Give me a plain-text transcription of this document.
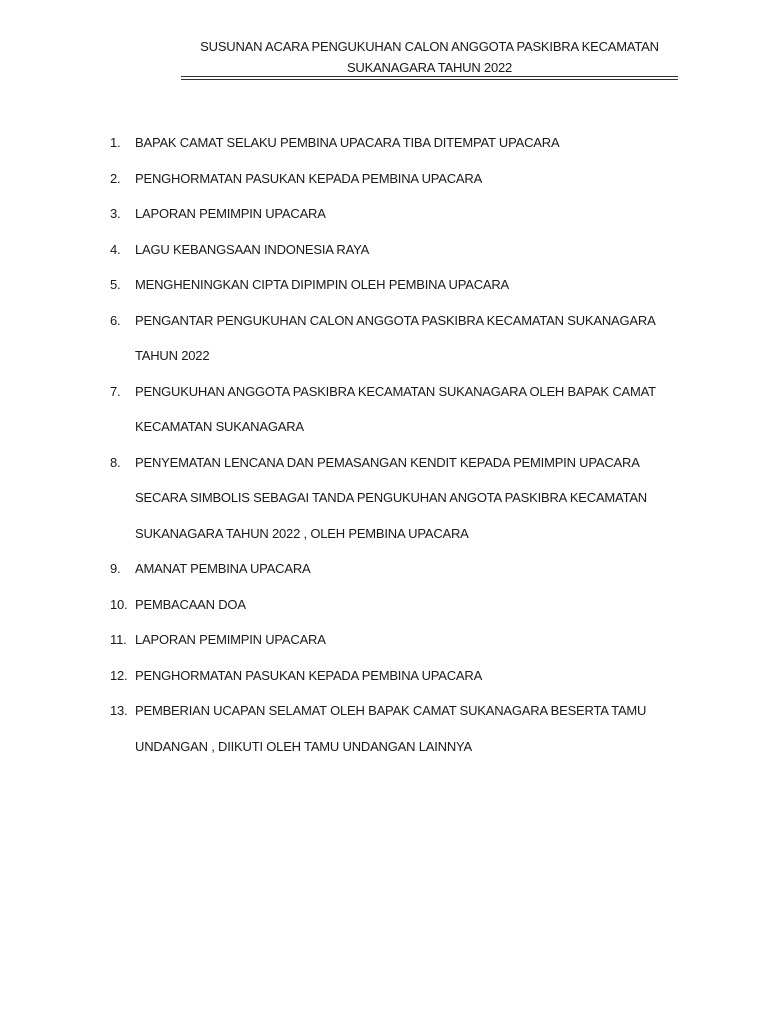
SUSUNAN ACARA PENGUKUHAN CALON ANGGOTA PASKIBRA KECAMATAN
SUKANAGARA TAHUN 2022
1.	BAPAK CAMAT SELAKU PEMBINA UPACARA TIBA DITEMPAT UPACARA
2.	PENGHORMATAN PASUKAN KEPADA PEMBINA UPACARA
3.	LAPORAN PEMIMPIN UPACARA
4.	LAGU KEBANGSAAN INDONESIA RAYA
5.	MENGHENINGKAN CIPTA DIPIMPIN OLEH PEMBINA UPACARA
6.	PENGANTAR PENGUKUHAN CALON ANGGOTA PASKIBRA KECAMATAN SUKANAGARA
TAHUN 2022
7.	PENGUKUHAN ANGGOTA PASKIBRA KECAMATAN SUKANAGARA OLEH BAPAK CAMAT
KECAMATAN SUKANAGARA
8.	PENYEMATAN LENCANA DAN PEMASANGAN KENDIT KEPADA PEMIMPIN UPACARA
SECARA SIMBOLIS SEBAGAI TANDA PENGUKUHAN ANGOTA PASKIBRA KECAMATAN
SUKANAGARA TAHUN 2022 , OLEH PEMBINA UPACARA
9.	AMANAT PEMBINA UPACARA
10. PEMBACAAN DOA
11. LAPORAN PEMIMPIN UPACARA
12. PENGHORMATAN PASUKAN KEPADA PEMBINA UPACARA
13. PEMBERIAN UCAPAN SELAMAT OLEH BAPAK CAMAT SUKANAGARA BESERTA TAMU
UNDANGAN , DIIKUTI OLEH TAMU UNDANGAN LAINNYA
